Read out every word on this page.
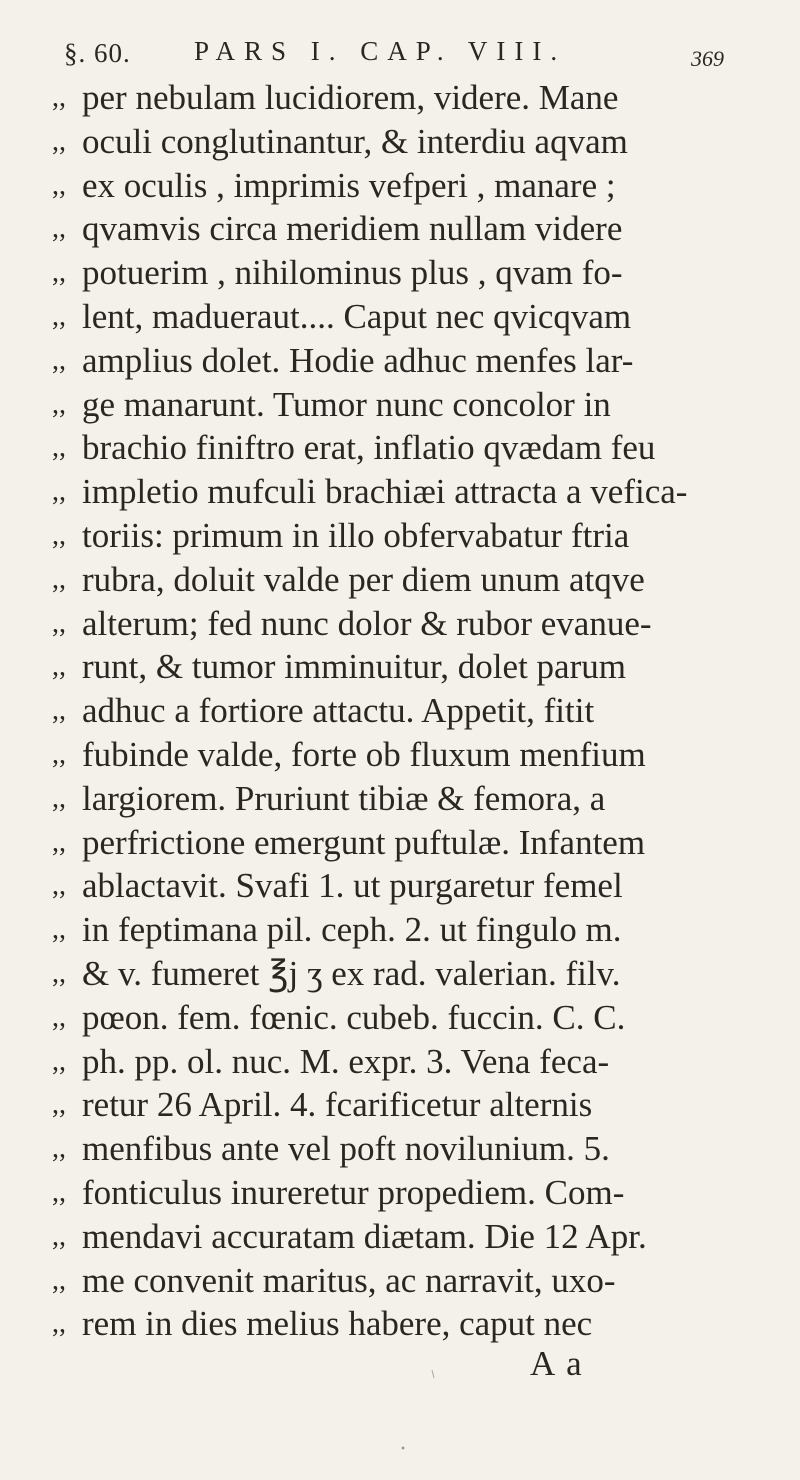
§. 60. PARS I. CAP. VIII.	369
,, per nebulam lucidiorem, videre. Mane
,, oculi conglutinantur, & interdiu aqvam
,, ex oculis , imprimis vefperi , manare ;
,, qvamvis circa meridiem nullam videre
,, potuerim , nihilominus plus , qvam fo-
,, lent, madueraut.... Caput nec qvicqvam
,, amplius dolet. Hodie adhuc menfes lar-
,, ge manarunt. Tumor nunc concolor in
,, brachio finiftro erat, inflatio qvædam feu
,, impletio mufculi brachiæi attracta a vefica-
,, toriis: primum in illo obfervabatur ftria
,, rubra, doluit valde per diem unum atqve
,, alterum; fed nunc dolor & rubor evanue-
,, runt, & tumor imminuitur, dolet parum
,, adhuc a fortiore attactu. Appetit, fitit
,, fubinde valde, forte ob fluxum menfium
,, largiorem. Pruriunt tibiæ & femora, a
,, perfrictione emergunt puftulæ. Infantem
,, ablactavit. Svafi 1. ut purgaretur femel
,, in feptimana pil. ceph. 2. ut fingulo m.
,, & v. fumeret ℥j ʒ ex rad. valerian. filv.
,, pœon. fem. fœnic. cubeb. fuccin. C. C.
,, ph. pp. ol. nuc. M. expr. 3. Vena feca-
,, retur 26 April. 4. fcarificetur alternis
,, menfibus ante vel poft novilunium. 5.
,, fonticulus inureretur propediem. Com-
,, mendavi accuratam diætam. Die 12 Apr.
,, me convenit maritus, ac narravit, uxo-
,, rem in dies melius habere, caput nec
A a
